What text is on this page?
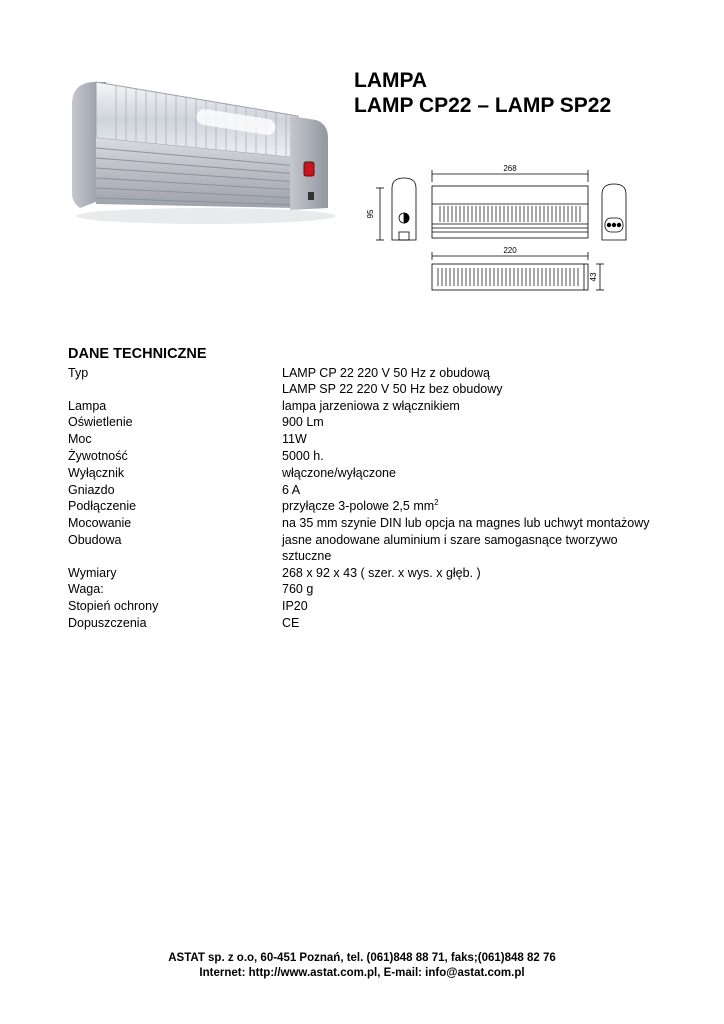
LAMPA
LAMP CP22 – LAMP SP22
268
95
220
43
DANE TECHNICZNE
Typ	LAMP CP 22 220 V 50 Hz z obudową
LAMP SP 22 220 V 50 Hz bez obudowy

Lampa	lampa jarzeniowa z włącznikiem
Oświetlenie	900 Lm
Moc	11W
Żywotność	5000 h.
Wyłącznik	włączone/wyłączone
Gniazdo	6 A
Podłączenie	przyłącze 3-polowe 2,5 $mm^2$
Mocowanie	na 35 mm szynie DIN lub opcja na magnes lub uchwyt montażowy
Obudowa	jasne anodowane aluminium i szare samogasnące tworzywo sztuczne

Wymiary	268 x 92 x 43 ( szer. x wys. x głęb. )
Waga:	760 g
Stopień ochrony	IP20
Dopuszczenia	CE
ASTAT sp. z o.o, 60-451 Poznań, tel. (061)848 88 71, faks;(061)848 82 76
Internet: http://www.astat.com.pl, E-mail: info@astat.com.pl
